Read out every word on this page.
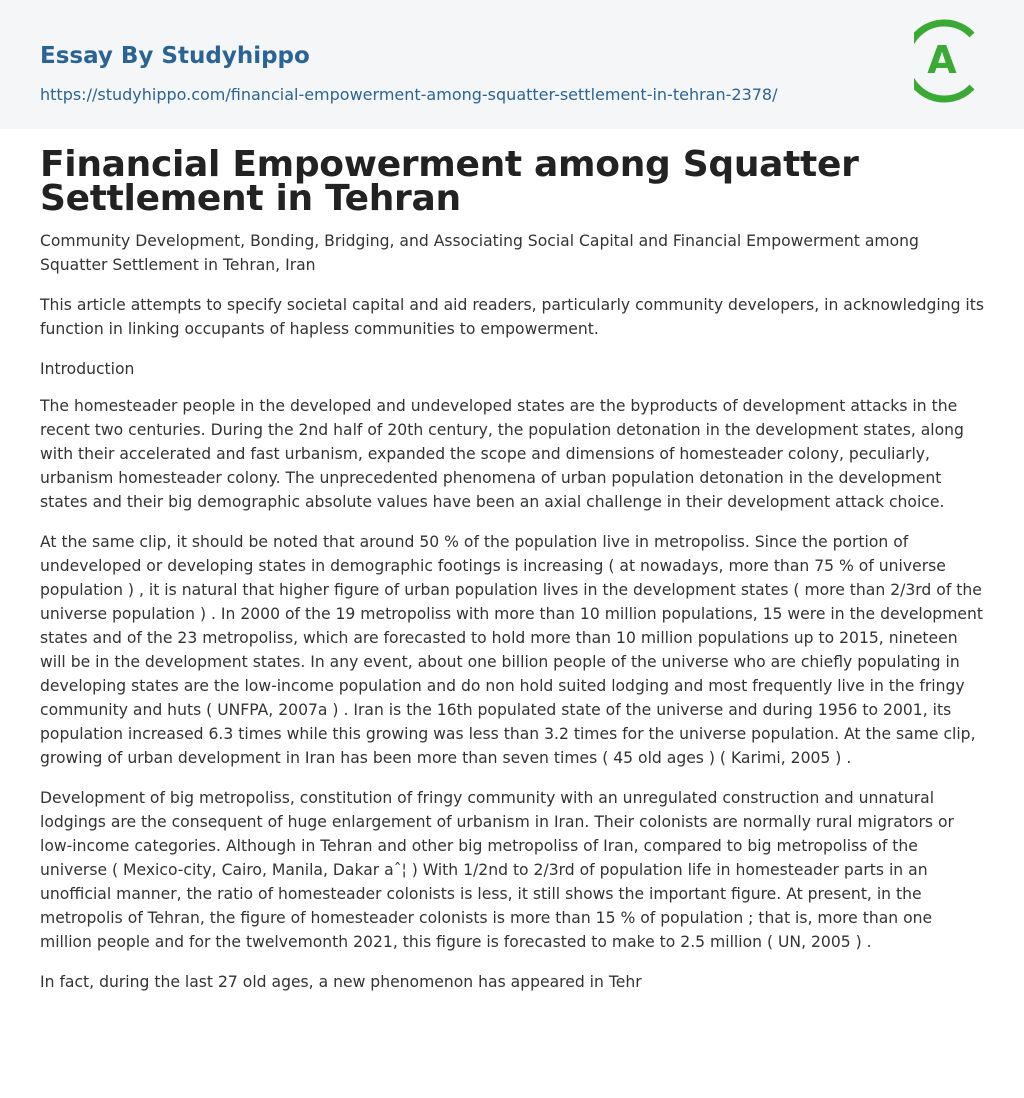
Essay By Studyhippo
https://studyhippo.com/financial-empowerment-among-squatter-settlement-in-tehran-2378/
A
Financial Empowerment among Squatter Settlement in Tehran

Community Development, Bonding, Bridging, and Associating Social Capital and Financial Empowerment among Squatter Settlement in Tehran, Iran

This article attempts to specify societal capital and aid readers, particularly community developers, in acknowledging its function in linking occupants of hapless communities to empowerment.

Introduction

The homesteader people in the developed and undeveloped states are the byproducts of development attacks in the recent two centuries. During the 2nd half of 20th century, the population detonation in the development states, along with their accelerated and fast urbanism, expanded the scope and dimensions of homesteader colony, peculiarly, urbanism homesteader colony. The unprecedented phenomena of urban population detonation in the development states and their big demographic absolute values have been an axial challenge in their development attack choice.

At the same clip, it should be noted that around 50 % of the population live in metropoliss. Since the portion of undeveloped or developing states in demographic footings is increasing ( at nowadays, more than 75 % of universe population ) , it is natural that higher figure of urban population lives in the development states ( more than 2/3rd of the universe population ) . In 2000 of the 19 metropoliss with more than 10 million populations, 15 were in the development states and of the 23 metropoliss, which are forecasted to hold more than 10 million populations up to 2015, nineteen will be in the development states. In any event, about one billion people of the universe who are chiefly populating in developing states are the low-income population and do non hold suited lodging and most frequently live in the fringy community and huts ( UNFPA, 2007a ) . Iran is the 16th populated state of the universe and during 1956 to 2001, its population increased 6.3 times while this growing was less than 3.2 times for the universe population. At the same clip, growing of urban development in Iran has been more than seven times ( 45 old ages ) ( Karimi, 2005 ) .

Development of big metropoliss, constitution of fringy community with an unregulated construction and unnatural lodgings are the consequent of huge enlargement of urbanism in Iran. Their colonists are normally rural migrators or low-income categories. Although in Tehran and other big metropoliss of Iran, compared to big metropoliss of the universe ( Mexico-city, Cairo, Manila, Dakar aˆ¦ ) With 1/2nd to 2/3rd of population life in homesteader parts in an unofficial manner, the ratio of homesteader colonists is less, it still shows the important figure. At present, in the metropolis of Tehran, the figure of homesteader colonists is more than 15 % of population ; that is, more than one million people and for the twelvemonth 2021, this figure is forecasted to make to 2.5 million ( UN, 2005 ) .

In fact, during the last 27 old ages, a new phenomenon has appeared in Tehr
